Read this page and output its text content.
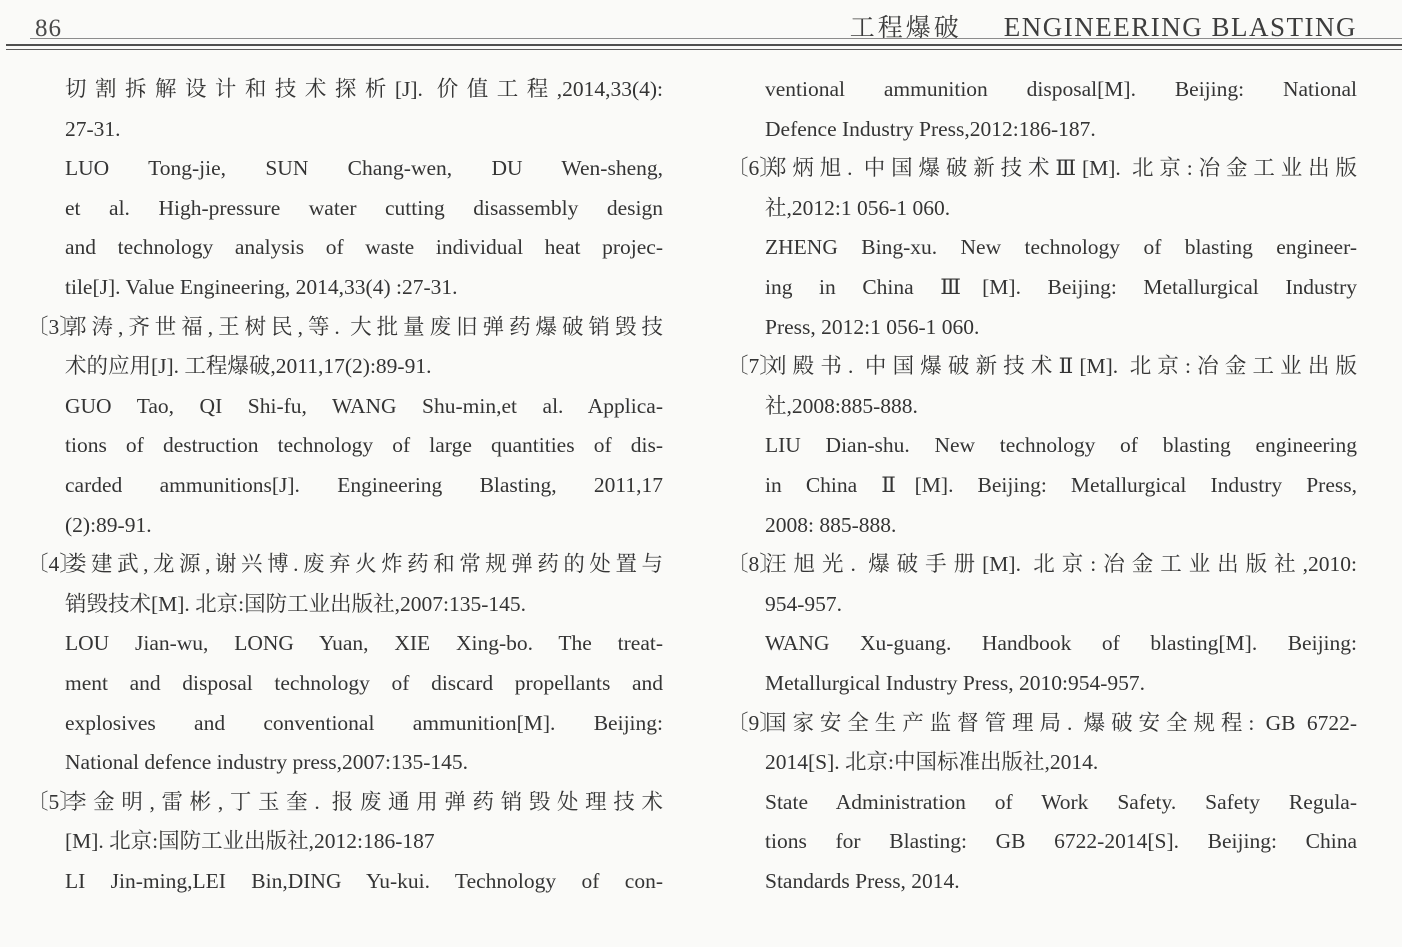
86	工程爆破 ENGINEERING BLASTING
切割拆解设计和技术探析[J]. 价值工程,2014,33(4):
27-31.
LUO Tong-jie, SUN Chang-wen, DU Wen-sheng,
et al. High-pressure water cutting disassembly design
and technology analysis of waste individual heat projec-
tile[J]. Value Engineering, 2014,33(4) :27-31.
〔3〕
郭涛,齐世福,王树民,等. 大批量废旧弹药爆破销毁技
术的应用[J]. 工程爆破,2011,17(2):89-91.
GUO Tao, QI Shi-fu, WANG Shu-min,et al. Applica-
tions of destruction technology of large quantities of dis-
carded ammunitions[J]. Engineering Blasting, 2011,17
(2):89-91.
〔4〕
娄建武,龙源,谢兴博.废弃火炸药和常规弹药的处置与
销毁技术[M]. 北京:国防工业出版社,2007:135-145.
LOU Jian-wu, LONG Yuan, XIE Xing-bo. The treat-
ment and disposal technology of discard propellants and
explosives and conventional ammunition[M]. Beijing:
National defence industry press,2007:135-145.
〔5〕
李金明,雷彬,丁玉奎. 报废通用弹药销毁处理技术
[M]. 北京:国防工业出版社,2012:186-187
LI Jin-ming,LEI Bin,DING Yu-kui. Technology of con-
ventional ammunition disposal[M]. Beijing: National
Defence Industry Press,2012:186-187.
〔6〕
郑炳旭. 中国爆破新技术Ⅲ[M]. 北京:冶金工业出版
社,2012:1 056-1 060.
ZHENG Bing-xu. New technology of blasting engineer-
ing in China Ⅲ[M]. Beijing: Metallurgical Industry
Press, 2012:1 056-1 060.
〔7〕
刘殿书. 中国爆破新技术Ⅱ[M]. 北京:冶金工业出版
社,2008:885-888.
LIU Dian-shu. New technology of blasting engineering
in China Ⅱ[M]. Beijing: Metallurgical Industry Press,
2008: 885-888.
〔8〕
汪旭光. 爆破手册[M]. 北京:冶金工业出版社,2010:
954-957.
WANG Xu-guang. Handbook of blasting[M]. Beijing:
Metallurgical Industry Press, 2010:954-957.
〔9〕
国家安全生产监督管理局. 爆破安全规程: GB 6722-
2014[S]. 北京:中国标准出版社,2014.
State Administration of Work Safety. Safety Regula-
tions for Blasting: GB 6722-2014[S]. Beijing: China
Standards Press, 2014.
